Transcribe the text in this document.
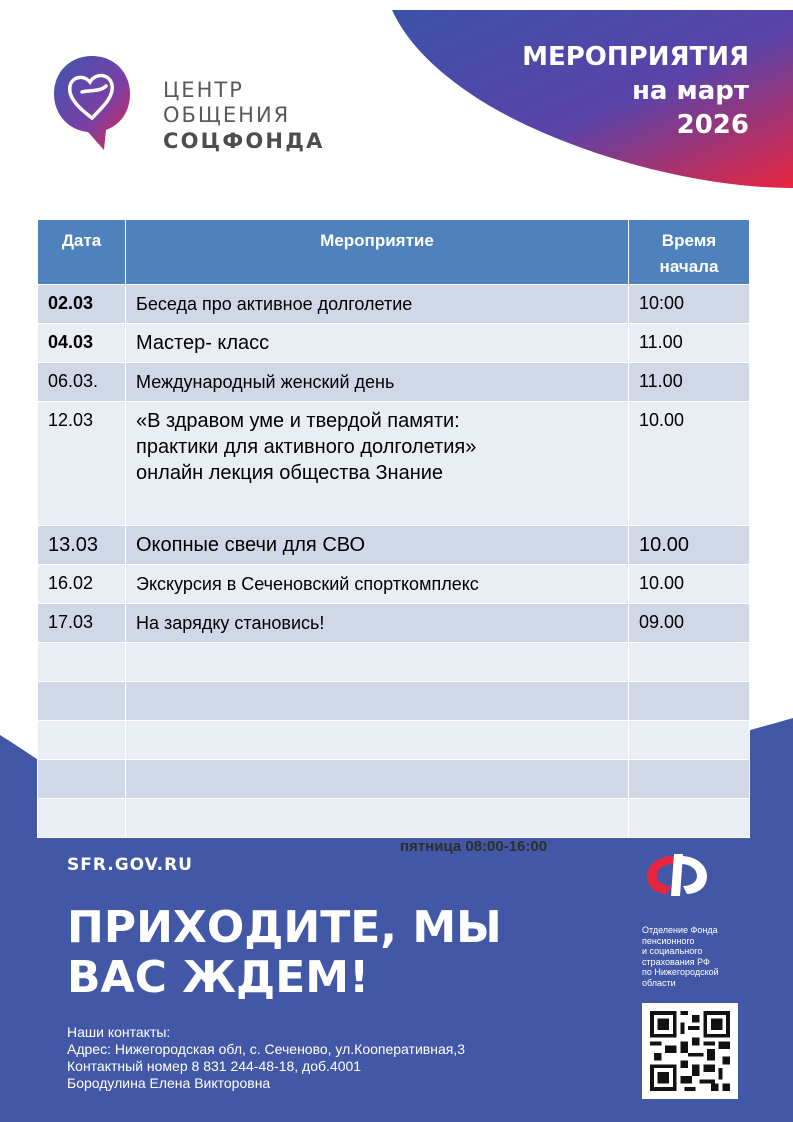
ЦЕНТР
ОБЩЕНИЯ
СОЦФОНДА
МЕРОПРИЯТИЯ
на март
2026
Дата	Мероприятие	Время
начала

02.03	Беседа про активное долголетие	10:00
04.03	Мастер- класс	11.00
06.03.	Международный женский день	11.00
12.03	«В здравом уме и твердой памяти:
практики для активного долголетия»
онлайн лекция общества Знание	10.00
13.03	Окопные свечи для СВО	10.00
16.02	Экскурсия в Сеченовский спорткомплекс	10.00
17.03	На зарядку становись!	09.00

пятница 08:00-16:00
SFR.GOV.RU
ПРИХОДИТЕ, МЫ
ВАС ЖДЕМ!
Наши контакты:
Адрес: Нижегородская обл, с. Сеченово, ул.Кооперативная,3
Контактный номер 8 831 244-48-18, доб.4001
Бородулина Елена Викторовна
Отделение Фонда
пенсионного
и социального
страхования РФ
по Нижегородской
области
